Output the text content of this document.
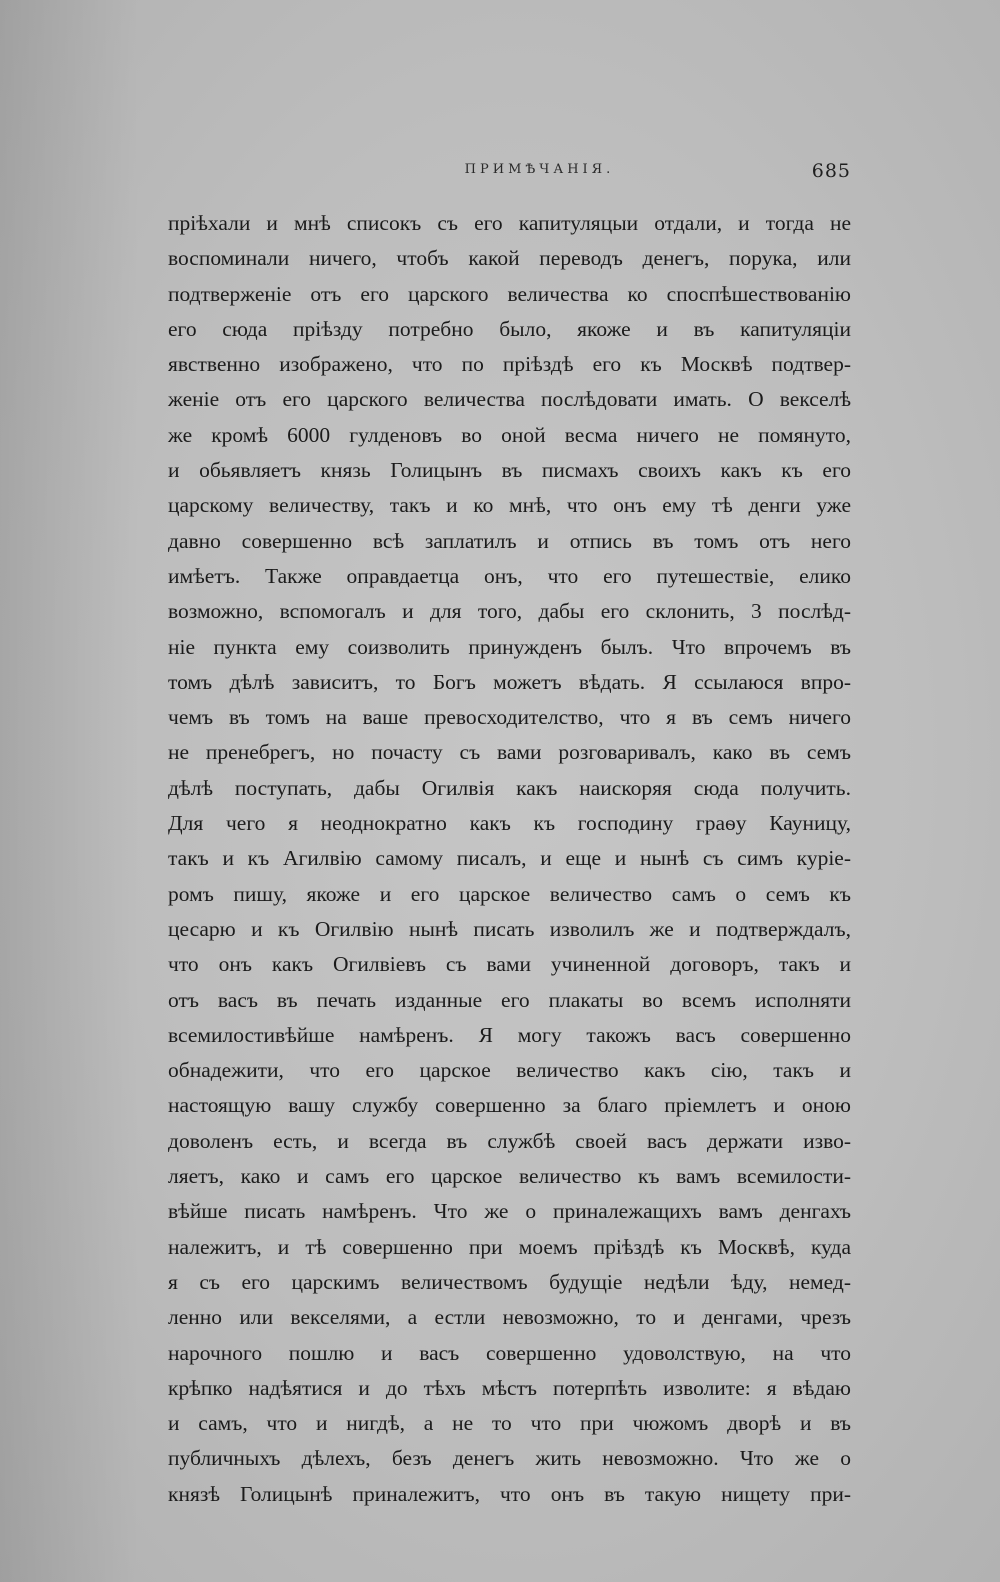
ПРИМѢЧАНІЯ.	685
пріѣхали и мнѣ списокъ съ его капитуляцыи отдали, и тогда не
воспоминали ничего, чтобъ какой переводъ денегъ, порука, или
подтверженіе отъ его царского величества ко споспѣшествованію
его сюда пріѣзду потребно было, якоже и въ капитуляціи
явственно изображено, что по пріѣздѣ его къ Москвѣ подтвер-
женіе отъ его царского величества послѣдовати имать. О векселѣ
же кромѣ 6000 гулденовъ во оной весма ничего не помянуто,
и обьявляетъ князь Голицынъ въ писмахъ своихъ какъ къ его
царскому величеству, такъ и ко мнѣ, что онъ ему тѣ денги уже
давно совершенно всѣ заплатилъ и отпись въ томъ отъ него
имѣетъ. Также оправдаетца онъ, что его путешествіе, елико
возможно, вспомогалъ и для того, дабы его склонить, 3 послѣд-
ніе пункта ему соизволить принужденъ былъ. Что впрочемъ въ
томъ дѣлѣ зависитъ, то Богъ можетъ вѣдать. Я ссылаюся впро-
чемъ въ томъ на ваше превосходителство, что я въ семъ ничего
не пренебрегъ, но почасту съ вами розговаривалъ, како въ семъ
дѣлѣ поступать, дабы Огилвія какъ наискоряя сюда получить.
Для чего я неоднократно какъ къ господину граѳу Кауницу,
такъ и къ Агилвію самому писалъ, и еще и нынѣ съ симъ куріе-
ромъ пишу, якоже и его царское величество самъ о семъ къ
цесарю и къ Огилвію нынѣ писать изволилъ же и подтверждалъ,
что онъ какъ Огилвіевъ съ вами учиненной договоръ, такъ и
отъ васъ въ печать изданные его плакаты во всемъ исполняти
всемилостивѣйше намѣренъ. Я могу такожъ васъ совершенно
обнадежити, что его царское величество какъ сію, такъ и
настоящую вашу службу совершенно за благо пріемлетъ и оною
доволенъ есть, и всегда въ службѣ своей васъ держати изво-
ляетъ, како и самъ его царское величество къ вамъ всемилости-
вѣйше писать намѣренъ. Что же о приналежащихъ вамъ денгахъ
належитъ, и тѣ совершенно при моемъ пріѣздѣ къ Москвѣ, куда
я съ его царскимъ величествомъ будущіе недѣли ѣду, немед-
ленно или векселями, а естли невозможно, то и денгами, чрезъ
нарочного пошлю и васъ совершенно удоволствую, на что
крѣпко надѣятися и до тѣхъ мѣстъ потерпѣть изволите: я вѣдаю
и самъ, что и нигдѣ, а не то что при чюжомъ дворѣ и въ
публичныхъ дѣлехъ, безъ денегъ жить невозможно. Что же о
князѣ Голицынѣ приналежитъ, что онъ въ такую нищету при-
